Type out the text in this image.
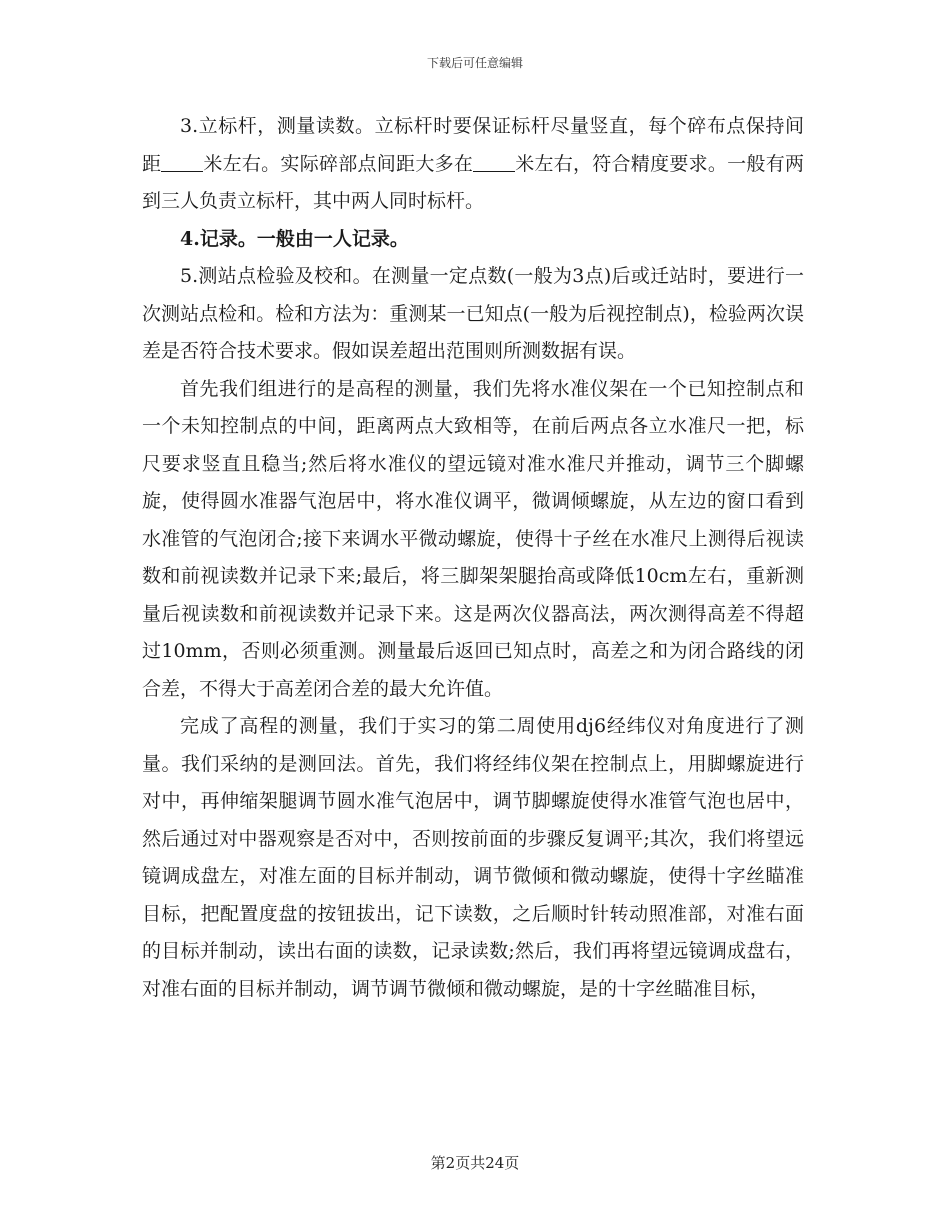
下载后可任意编辑

3.立标杆，测量读数。立标杆时要保证标杆尽量竖直，每个碎布点保持间距 米左右。实际碎部点间距大多在 米左右，符合精度要求。一般有两到三人负责立标杆，其中两人同时标杆。

4.记录。一般由一人记录。

5.测站点检验及校和。在测量一定点数(一般为3点)后或迁站时，要进行一次测站点检和。检和方法为：重测某一已知点(一般为后视控制点)，检验两次误差是否符合技术要求。假如误差超出范围则所测数据有误。

首先我们组进行的是高程的测量，我们先将水准仪架在一个已知控制点和一个未知控制点的中间，距离两点大致相等，在前后两点各立水准尺一把，标尺要求竖直且稳当;然后将水准仪的望远镜对准水准尺并推动，调节三个脚螺旋，使得圆水准器气泡居中，将水准仪调平，微调倾螺旋，从左边的窗口看到水准管的气泡闭合;接下来调水平微动螺旋，使得十子丝在水准尺上测得后视读数和前视读数并记录下来;最后，将三脚架架腿抬高或降低10cm左右，重新测量后视读数和前视读数并记录下来。这是两次仪器高法，两次测得高差不得超过10mm，否则必须重测。测量最后返回已知点时，高差之和为闭合路线的闭合差，不得大于高差闭合差的最大允许值。

完成了高程的测量，我们于实习的第二周使用dj6经纬仪对角度进行了测量。我们采纳的是测回法。首先，我们将经纬仪架在控制点上，用脚螺旋进行对中，再伸缩架腿调节圆水准气泡居中，调节脚螺旋使得水准管气泡也居中，然后通过对中器观察是否对中，否则按前面的步骤反复调平;其次，我们将望远镜调成盘左，对准左面的目标并制动，调节微倾和微动螺旋，使得十字丝瞄准目标，把配置度盘的按钮拔出，记下读数，之后顺时针转动照准部，对准右面的目标并制动，读出右面的读数，记录读数;然后，我们再将望远镜调成盘右，对准右面的目标并制动，调节调节微倾和微动螺旋，是的十字丝瞄准目标，

第2页共24页
